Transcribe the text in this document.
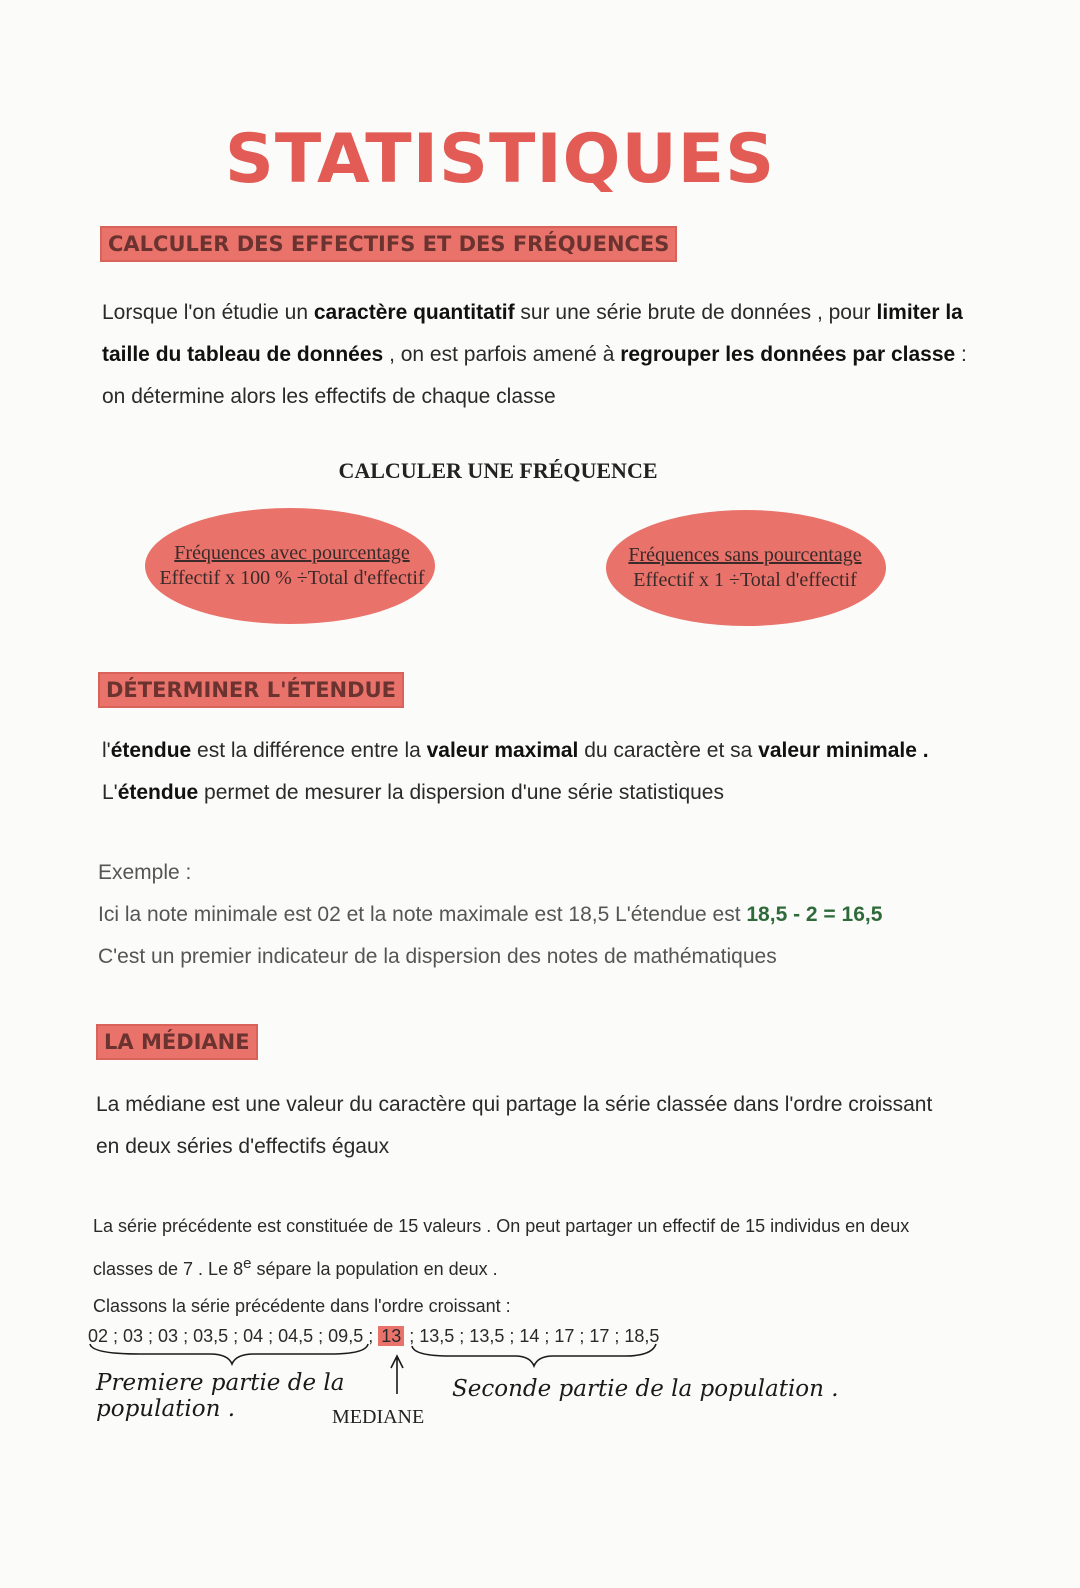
STATISTIQUES
CALCULER DES EFFECTIFS ET DES FRÉQUENCES
Lorsque l'on étudie un caractère quantitatif sur une série brute de données , pour limiter la taille du tableau de données , on est parfois amené à regrouper les données par classe : on détermine alors les effectifs de chaque classe
CALCULER UNE FRÉQUENCE
Fréquences avec pourcentage
Effectif x 100 % ÷Total d'effectif
Fréquences sans pourcentage
Effectif x 1 ÷Total d'effectif
DÉTERMINER L'ÉTENDUE
l'étendue est la différence entre la valeur maximal du caractère et sa valeur minimale .
L'étendue permet de mesurer la dispersion d'une série statistiques
Exemple :
Ici la note minimale est 02 et la note maximale est 18,5 L'étendue est 18,5 - 2 = 16,5
C'est un premier indicateur de la dispersion des notes de mathématiques
LA MÉDIANE
La médiane est une valeur du caractère qui partage la série classée dans l'ordre croissant en deux séries d'effectifs égaux
La série précédente est constituée de 15 valeurs . On peut partager un effectif de 15 individus en deux classes de 7 . Le 8e sépare la population en deux .
Classons la série précédente dans l'ordre croissant :
02 ; 03 ; 03 ; 03,5 ; 04 ; 04,5 ; 09,5 ; 13 ; 13,5 ; 13,5 ; 14 ; 17 ; 17 ; 18,5
Premiere partie de la population .
Seconde partie de la population .
MEDIANE
